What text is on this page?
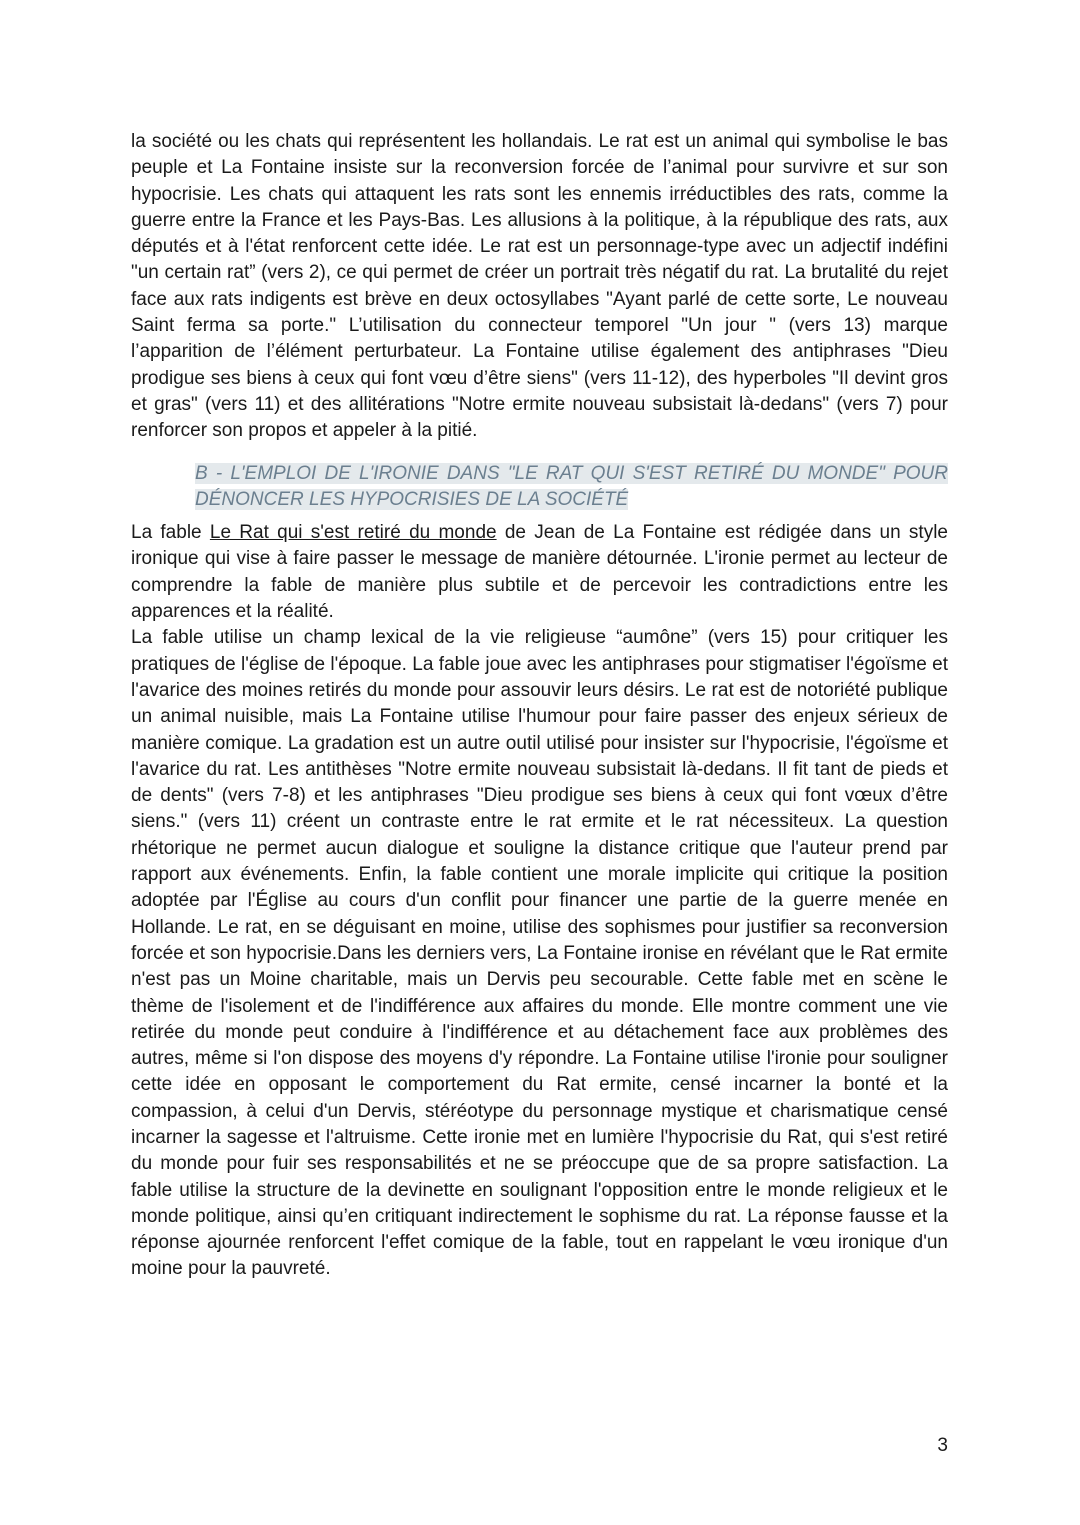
la société ou les chats qui représentent les hollandais. Le rat est un animal qui symbolise le bas peuple et La Fontaine insiste sur la reconversion forcée de l’animal pour survivre et sur son hypocrisie. Les chats qui attaquent les rats sont les ennemis irréductibles des rats, comme la guerre entre la France et les Pays-Bas. Les allusions à la politique, à la république des rats, aux députés et à l'état renforcent cette idée. Le rat est un personnage-type avec un adjectif indéfini "un certain rat” (vers 2), ce qui permet de créer un portrait très négatif du rat. La brutalité du rejet face aux rats indigents est brève en deux octosyllabes "Ayant parlé de cette sorte, Le nouveau Saint ferma sa porte." L’utilisation du connecteur temporel "Un jour " (vers 13) marque l’apparition de l’élément perturbateur. La Fontaine utilise également des antiphrases "Dieu prodigue ses biens à ceux qui font vœu d’être siens" (vers 11-12), des hyperboles "Il devint gros et gras" (vers 11) et des allitérations "Notre ermite nouveau subsistait là-dedans" (vers 7) pour renforcer son propos et appeler à la pitié.

B - L'EMPLOI DE L'IRONIE DANS "LE RAT QUI S'EST RETIRÉ DU MONDE" POUR DÉNONCER LES HYPOCRISIES DE LA SOCIÉTÉ

La fable Le Rat qui s'est retiré du monde de Jean de La Fontaine est rédigée dans un style ironique qui vise à faire passer le message de manière détournée. L'ironie permet au lecteur de comprendre la fable de manière plus subtile et de percevoir les contradictions entre les apparences et la réalité.

La fable utilise un champ lexical de la vie religieuse “aumône” (vers 15) pour critiquer les pratiques de l'église de l'époque. La fable joue avec les antiphrases pour stigmatiser l'égoïsme et l'avarice des moines retirés du monde pour assouvir leurs désirs. Le rat est de notoriété publique un animal nuisible, mais La Fontaine utilise l'humour pour faire passer des enjeux sérieux de manière comique. La gradation est un autre outil utilisé pour insister sur l'hypocrisie, l'égoïsme et l'avarice du rat. Les antithèses "Notre ermite nouveau subsistait là-dedans. Il fit tant de pieds et de dents" (vers 7-8) et les antiphrases "Dieu prodigue ses biens à ceux qui font vœux d’être siens." (vers 11) créent un contraste entre le rat ermite et le rat nécessiteux. La question rhétorique ne permet aucun dialogue et souligne la distance critique que l'auteur prend par rapport aux événements. Enfin, la fable contient une morale implicite qui critique la position adoptée par l'Église au cours d'un conflit pour financer une partie de la guerre menée en Hollande. Le rat, en se déguisant en moine, utilise des sophismes pour justifier sa reconversion forcée et son hypocrisie.Dans les derniers vers, La Fontaine ironise en révélant que le Rat ermite n'est pas un Moine charitable, mais un Dervis peu secourable. Cette fable met en scène le thème de l'isolement et de l'indifférence aux affaires du monde. Elle montre comment une vie retirée du monde peut conduire à l'indifférence et au détachement face aux problèmes des autres, même si l'on dispose des moyens d'y répondre. La Fontaine utilise l'ironie pour souligner cette idée en opposant le comportement du Rat ermite, censé incarner la bonté et la compassion, à celui d'un Dervis, stéréotype du personnage mystique et charismatique censé incarner la sagesse et l'altruisme. Cette ironie met en lumière l'hypocrisie du Rat, qui s'est retiré du monde pour fuir ses responsabilités et ne se préoccupe que de sa propre satisfaction. La fable utilise la structure de la devinette en soulignant l'opposition entre le monde religieux et le monde politique, ainsi qu’en critiquant indirectement le sophisme du rat. La réponse fausse et la réponse ajournée renforcent l'effet comique de la fable, tout en rappelant le vœu ironique d'un moine pour la pauvreté.

3
